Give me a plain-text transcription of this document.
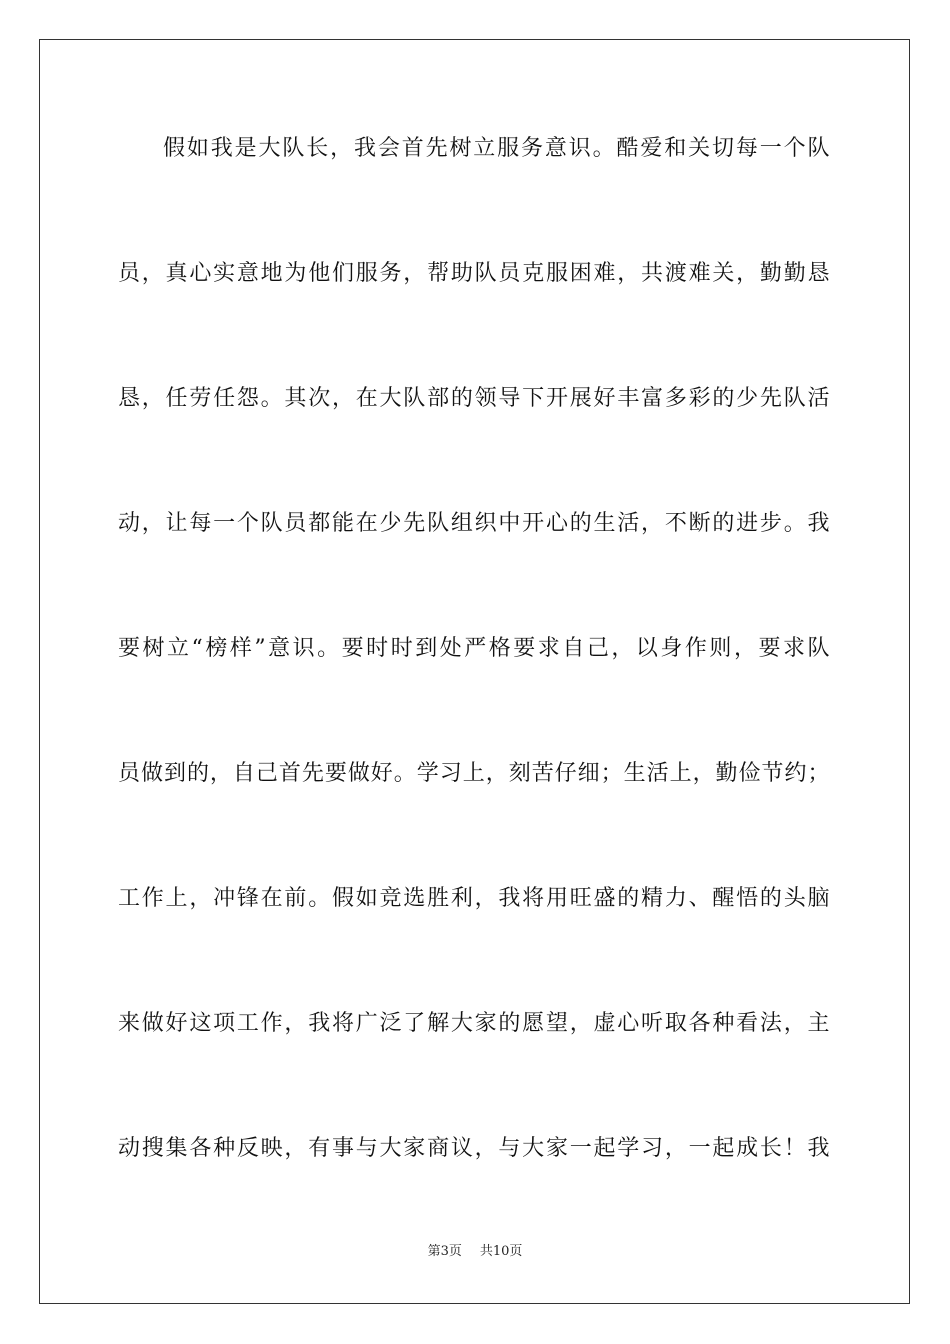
假如我是大队长，我会首先树立服务意识。酷爱和关切每一个队
员，真心实意地为他们服务，帮助队员克服困难，共渡难关，勤勤恳
恳，任劳任怨。其次，在大队部的领导下开展好丰富多彩的少先队活
动，让每一个队员都能在少先队组织中开心的生活，不断的进步。我
要树立“榜样”意识。要时时到处严格要求自己，以身作则，要求队
员做到的，自己首先要做好。学习上，刻苦仔细；生活上，勤俭节约；
工作上，冲锋在前。假如竞选胜利，我将用旺盛的精力、醒悟的头脑
来做好这项工作，我将广泛了解大家的愿望，虚心听取各种看法，主
动搜集各种反映，有事与大家商议，与大家一起学习，一起成长！我
第3页 共10页
